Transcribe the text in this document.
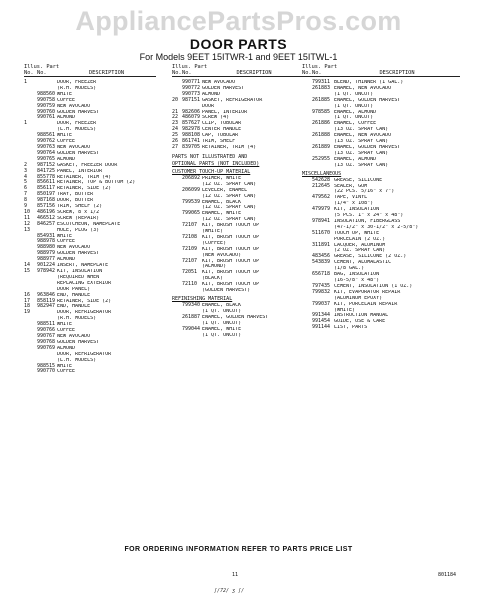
AppliancePartsPros.com
DOOR PARTS
For Models 9EET 15ITWR-1 and 9EET 15ITWL-1
Illus. Part
No. No.	DESCRIPTION
1	DOOR, FREEZER
(R.H. MODELS)
988560 WHITE
990758 COFFEE
990759 NEW AVOCADO
990760 GOLDEN HARVEST
990761 ALMOND
1	DOOR, FREEZER
(L.H. MODELS)
988561 WHITE
990762 COFFEE
990763 NEW AVOCADO
990764 GOLDEN HARVEST
990765 ALMOND
2	987152 GASKET, FREEZER DOOR
3	841725 PANEL, INTERIOR
4	855778 RETAINER, TRIM (4)
5	856611 RETAINER, TOP & BOTTOM (2)
6	856117 RETAINER, SIDE (2)
7	850197 TRAY, BUTTER
8	987168 DOOR, BUTTER
9	857156 TRIM, SHELF (2)
10	486196 SCREW, 8 x 1/2
11	466512 SCREW (REPAIR)
12	846257 ESCUTCHEON, NAMEPLATE
13	HOLE, PLUG (3)
854931 WHITE
988978 COFFEE
988980 NEW AVOCADO
988979 GOLDEN HARVEST
988977 ALMOND
14	901224 INSERT, NAMEPLATE
15	978942 KIT, INSULATION
(REQUIRED WHEN
REPLACING EXTERIOR
DOOR PANEL)
16	963846 END, HANDLE
17	858119 RETAINER, SIDE (2)
18	982947 END, HANDLE
19	DOOR, REFRIGERATOR
(R.H. MODELS)
988511 WHITE
990766 COFFEE
990767 NEW AVOCADO
990768 GOLDEN HARVEST
990769 ALMOND
DOOR, REFRIGERATOR
(L.H. MODELS)
988515 WHITE
990770 COFFEE
Illus. Part
No. No.	DESCRIPTION
990771 NEW AVOCADO
990772 GOLDEN HARVEST
990773 ALMOND
20 987151 GASKET, REFRIGERATOR
DOOR
21 982606 PANEL, INTERIOR
22 486079 SCREW (4)
23 857627 CLIP, TUBULAR
24 982978 CENTER HANDLE
25 988108 CAP, TUBULAR
26 861741 TRIM, SHELF
27 839705 RETAINER, TRIM (4)
PARTS NOT ILLUSTRATED AND
OPTIONAL PARTS (NOT INCLUDED)
CUSTOMER TOUCH-UP MATERIAL
206892 PRIMER, WHITE
(12 OZ. SPRAY CAN)
206099 LEVELER, ENAMEL
(12 OZ. SPRAY CAN)
799539 ENAMEL, BLACK
(12 OZ. SPRAY CAN)
799065 ENAMEL, WHITE
(12 OZ. SPRAY CAN)
72107 KIT, BRUSH TOUCH UP
(WHITE)
72108 KIT, BRUSH TOUCH UP
(COFFEE)
72109 KIT, BRUSH TOUCH UP
(NEW AVOCADO)
72107 KIT, BRUSH TOUCH UP
(ALMOND)
72051 KIT, BRUSH TOUCH UP
(BLACK)
72110 KIT, BRUSH TOUCH UP
(GOLDEN HARVEST)
REFINISHING MATERIAL
799340 ENAMEL, BLACK
(1 QT. UNCUT)
261887 ENAMEL, GOLDEN HARVEST
(1 QT. UNCUT)
799044 ENAMEL, WHITE
(1 QT. UNCUT)
Illus. Part
No. No.	DESCRIPTION
799311 BLEND, THINNER (1 GAL.)
261883 ENAMEL, NEW AVOCADO
(1 QT. UNCUT)
261885 ENAMEL, GOLDEN HARVEST
(1 QT. UNCUT)
978585 ENAMEL, ALMOND
(1 QT. UNCUT)
261886 ENAMEL, COFFEE
(13 OZ. SPRAY CAN)
261888 ENAMEL, NEW AVOCADO
(13 OZ. SPRAY CAN)
261889 ENAMEL, GOLDEN HARVEST
(13 OZ. SPRAY CAN)
252955 ENAMEL, ALMOND
(13 OZ. SPRAY CAN)
MISCELLANEOUS
542628 GREASE, SILICONE
212645 SEALER, GUM
(22 PCS. 5/16" x 7")
479562 TAPE, VINYL
(1/4" x 108")
479979 KIT, INSULATION
(5 PCS. 1" x 24" x 48")
978941 INSULATION, FIBERGLASS
(47-1/2" x 30-1/2" x 2-5/8")
511670 TOUCH UP, WHITE
PORCELAIN (2 OZ.)
311891 LACQUER, ALUMINUM
(2 OZ. SPRAY CAN)
483456 GREASE, SILICONE (2 OZ.)
543839 CEMENT, ALUMALASTIC
(1/8 GAL.)
656718 BAG, INSULATION
(16-5/8" x 48")
797435 CEMENT, INSULATION (1 OZ.)
799832 KIT, EVAPORATOR REPAIR
(ALUMINUM EPOXY)
799037 KIT, PORCELAIN REPAIR
(WHITE)
991344 INSTRUCTION MANUAL
991454 GUIDE, USE & CARE
991144 LIST, PARTS
FOR ORDERING INFORMATION REFER TO PARTS PRICE LIST
11	801184
ʃ/72/ ʒ ʃ/
